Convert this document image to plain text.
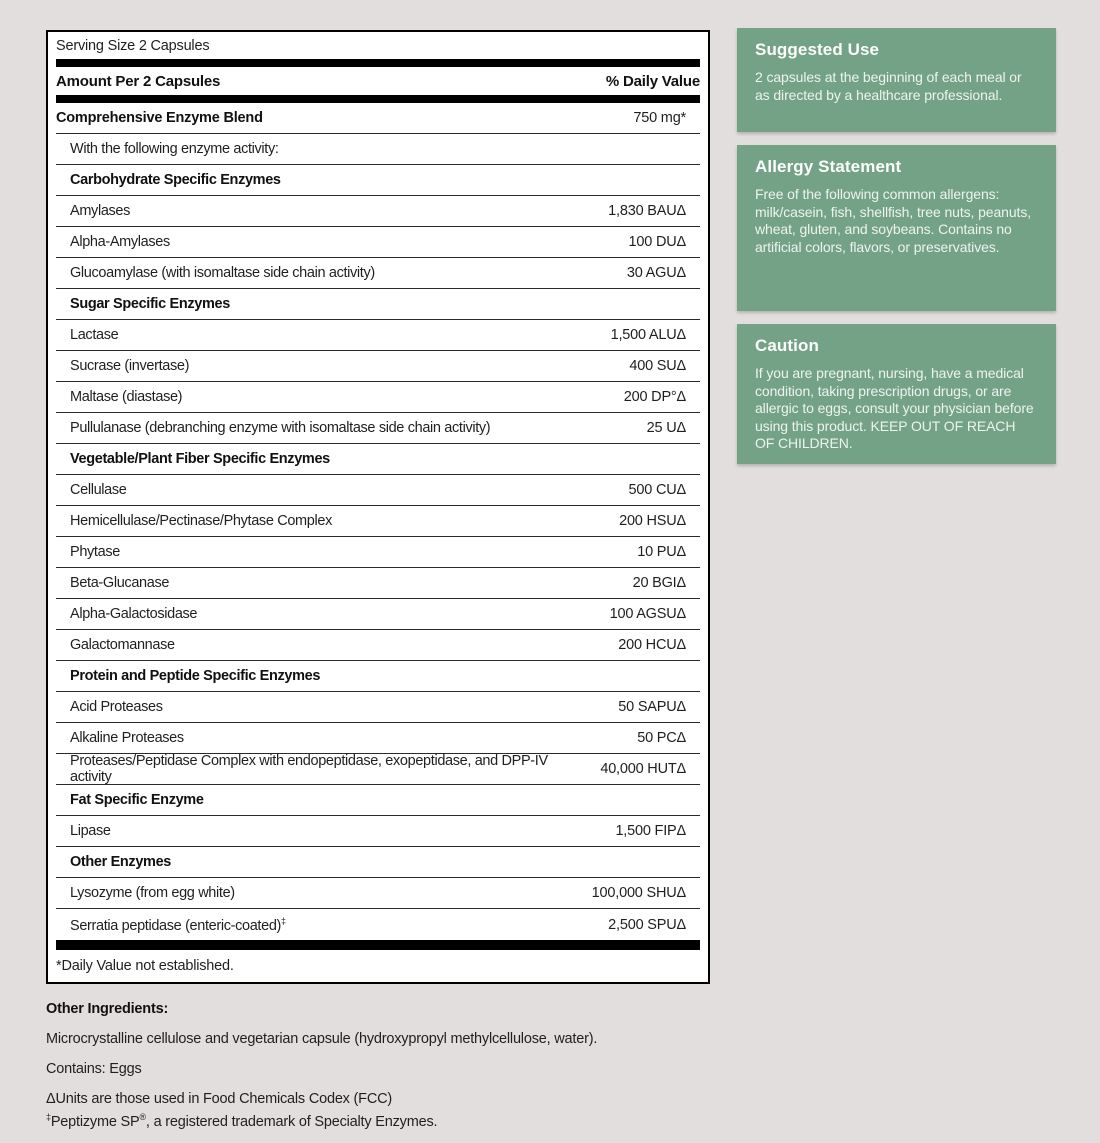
Serving Size 2 Capsules
Amount Per 2 Capsules	% Daily Value
Comprehensive Enzyme Blend	750 mg*
With the following enzyme activity:
Carbohydrate Specific Enzymes
Amylases	1,830 BAUΔ
Alpha-Amylases	100 DUΔ
Glucoamylase (with isomaltase side chain activity)	30 AGUΔ
Sugar Specific Enzymes
Lactase	1,500 ALUΔ
Sucrase (invertase)	400 SUΔ
Maltase (diastase)	200 DP°Δ
Pullulanase (debranching enzyme with isomaltase side chain activity)	25 UΔ
Vegetable/Plant Fiber Specific Enzymes
Cellulase	500 CUΔ
Hemicellulase/Pectinase/Phytase Complex	200 HSUΔ
Phytase	10 PUΔ
Beta-Glucanase	20 BGIΔ
Alpha-Galactosidase	100 AGSUΔ
Galactomannase	200 HCUΔ
Protein and Peptide Specific Enzymes
Acid Proteases	50 SAPUΔ
Alkaline Proteases	50 PCΔ
Proteases/Peptidase Complex with endopeptidase, exopeptidase, and DPP-IV activity	40,000 HUTΔ
Fat Specific Enzyme
Lipase	1,500 FIPΔ
Other Enzymes
Lysozyme (from egg white)	100,000 SHUΔ
Serratia peptidase (enteric-coated)‡	2,500 SPUΔ
*Daily Value not established.
Suggested Use

2 capsules at the beginning of each meal or as directed by a healthcare professional.

Allergy Statement

Free of the following common allergens: milk/casein, fish, shellfish, tree nuts, peanuts, wheat, gluten, and soybeans. Contains no artificial colors, flavors, or preservatives.

Caution

If you are pregnant, nursing, have a medical condition, taking prescription drugs, or are allergic to eggs, consult your physician before using this product. KEEP OUT OF REACH OF CHILDREN.

Other Ingredients:

Microcrystalline cellulose and vegetarian capsule (hydroxypropyl methylcellulose, water).

Contains: Eggs

ΔUnits are those used in Food Chemicals Codex (FCC)
‡Peptizyme SP®, a registered trademark of Specialty Enzymes.
